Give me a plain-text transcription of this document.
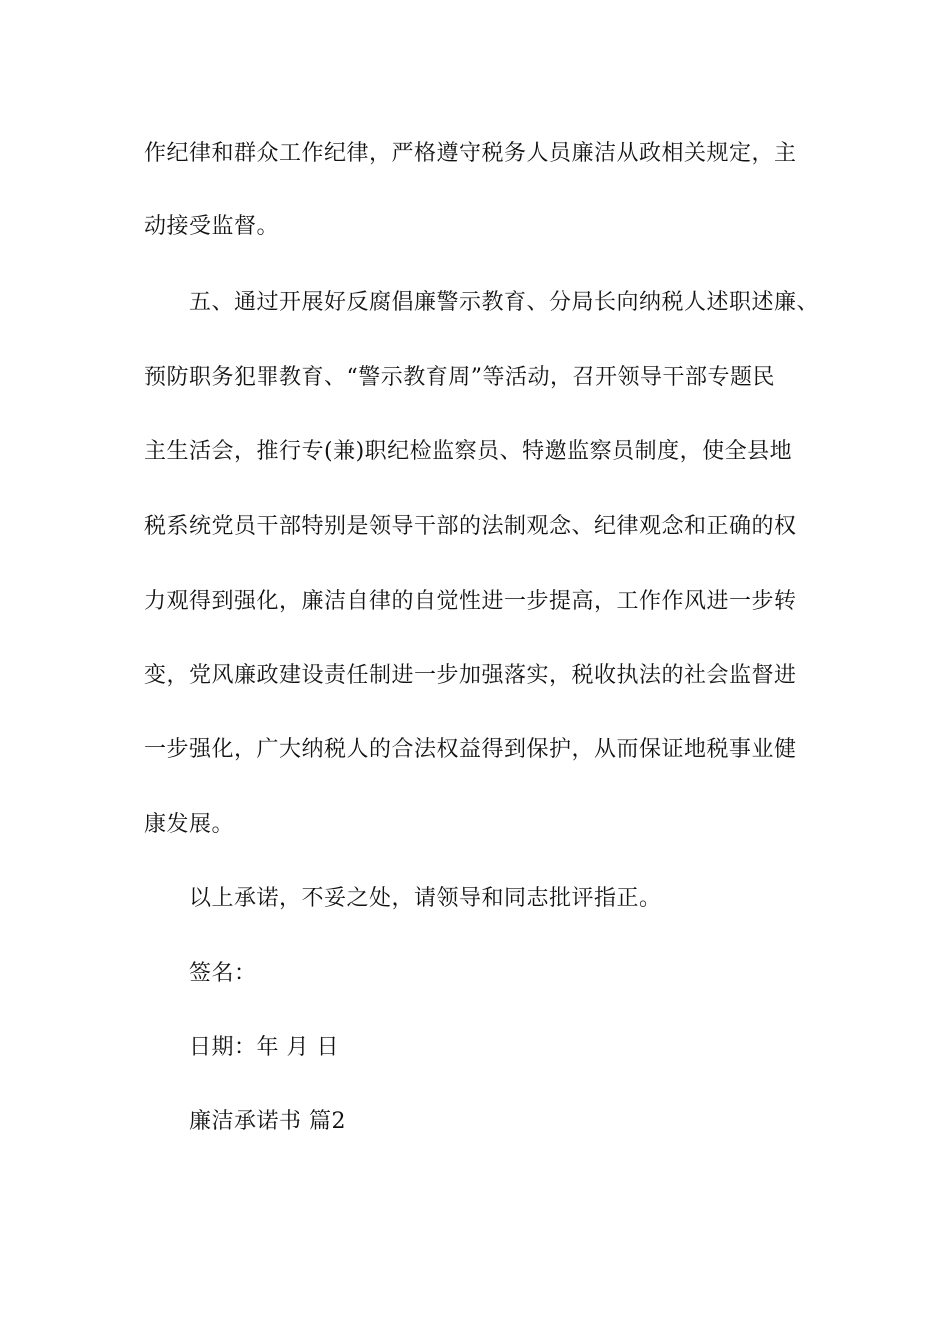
作纪律和群众工作纪律，严格遵守税务人员廉洁从政相关规定，主
动接受监督。
五、通过开展好反腐倡廉警示教育、分局长向纳税人述职述廉、
预防职务犯罪教育、“警示教育周”等活动，召开领导干部专题民
主生活会，推行专(兼)职纪检监察员、特邀监察员制度，使全县地
税系统党员干部特别是领导干部的法制观念、纪律观念和正确的权
力观得到强化，廉洁自律的自觉性进一步提高，工作作风进一步转
变，党风廉政建设责任制进一步加强落实，税收执法的社会监督进
一步强化，广大纳税人的合法权益得到保护，从而保证地税事业健
康发展。
以上承诺，不妥之处，请领导和同志批评指正。
签名：
日期：年 月 日
廉洁承诺书 篇2
